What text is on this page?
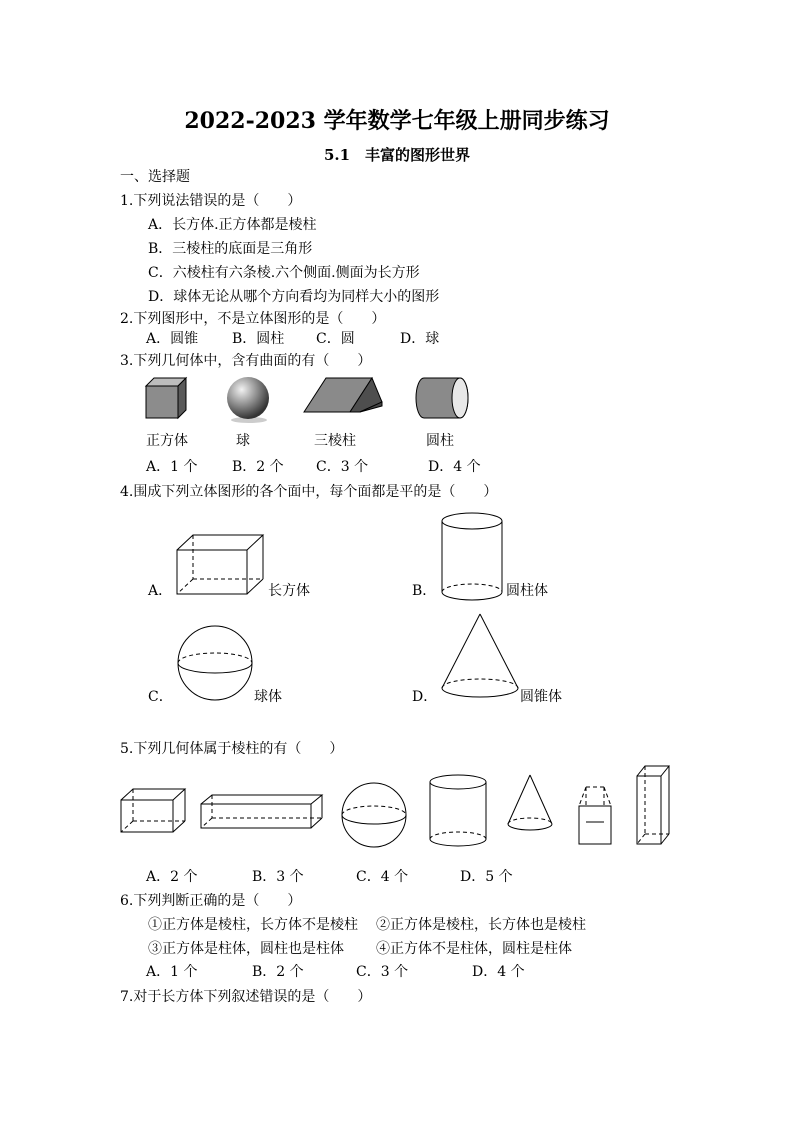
2022-2023 学年数学七年级上册同步练习
5.1　丰富的图形世界
一、选择题
1.下列说法错误的是（　　）
A．长方体.正方体都是棱柱
B．三棱柱的底面是三角形
C．六棱柱有六条棱.六个侧面.侧面为长方形
D．球体无论从哪个方向看均为同样大小的图形
2.下列图形中，不是立体图形的是（　　）
A．圆锥 B．圆柱 C．圆	D．球
3.下列几何体中，含有曲面的有（　　）
正方体	球	三棱柱	圆柱
A．1 个 B．2 个 C．3 个	D．4 个
4.围成下列立体图形的各个面中，每个面都是平的是（　　）
A．	长方体	B．	圆柱体
C．	球体	D．	圆锥体
5.下列几何体属于棱柱的有（　　）
A．2 个	B．3 个	C．4 个	D．5 个
6.下列判断正确的是（　　）
①正方体是棱柱，长方体不是棱柱 ②正方体是棱柱，长方体也是棱柱
③正方体是柱体，圆柱也是柱体 ④正方体不是柱体，圆柱是柱体
A．1 个	B．2 个	C．3 个	D．4 个
7.对于长方体下列叙述错误的是（　　）
